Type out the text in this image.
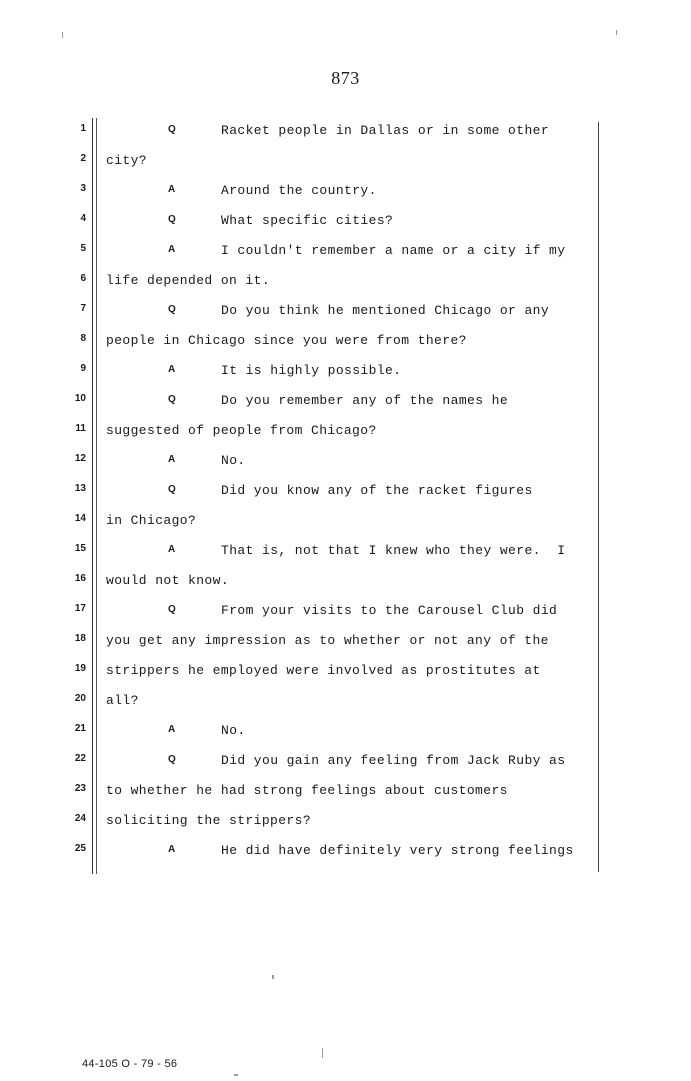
873
1	Q	Racket people in Dallas or in some other
2 city?
3	A	Around the country.
4	Q	What specific cities?
5	A	I couldn't remember a name or a city if my
6 life depended on it.
7	Q	Do you think he mentioned Chicago or any
8 people in Chicago since you were from there?
9	A	It is highly possible.
10	Q	Do you remember any of the names he
11 suggested of people from Chicago?
12	A	No.
13	Q	Did you know any of the racket figures
14 in Chicago?
15	A	That is, not that I knew who they were.  I
16 would not know.
17	Q	From your visits to the Carousel Club did
18 you get any impression as to whether or not any of the
19 strippers he employed were involved as prostitutes at
20 all?
21	A	No.
22	Q	Did you gain any feeling from Jack Ruby as
23 to whether he had strong feelings about customers
24 soliciting the strippers?
25	A	He did have definitely very strong feelings
44-105 O - 79 - 56
